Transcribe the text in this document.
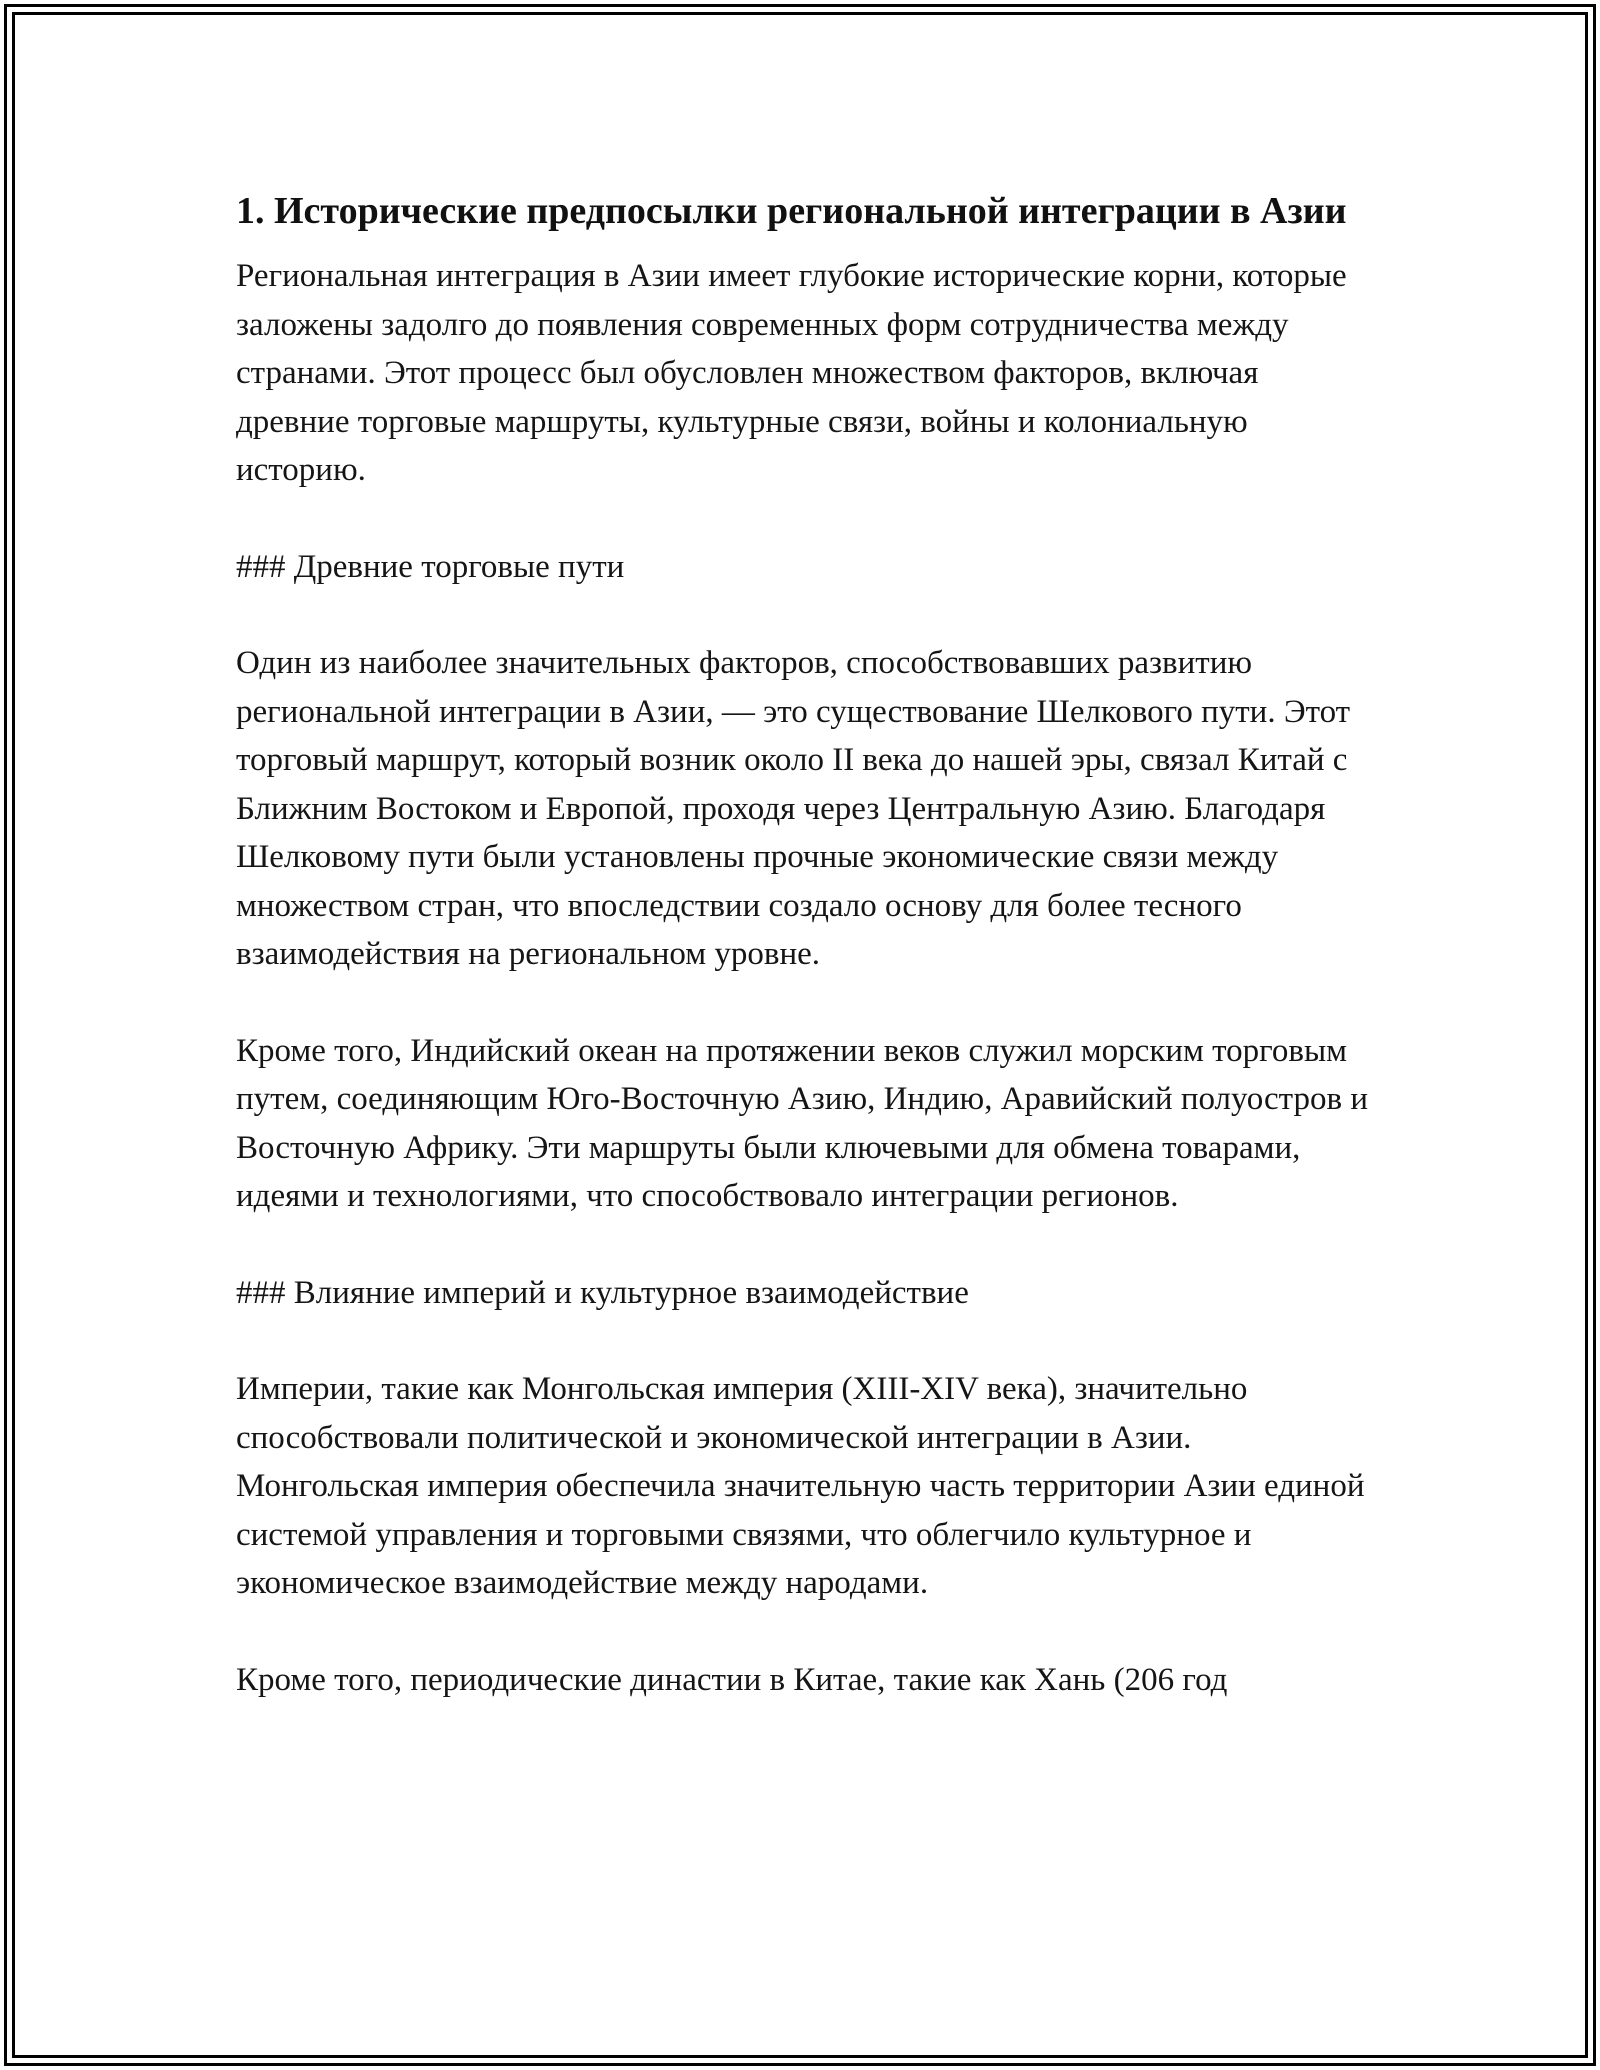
1. Исторические предпосылки региональной интеграции в Азии

Региональная интеграция в Азии имеет глубокие исторические корни, которые заложены задолго до появления современных форм сотрудничества между странами. Этот процесс был обусловлен множеством факторов, включая древние торговые маршруты, культурные связи, войны и колониальную историю.

### Древние торговые пути

Один из наиболее значительных факторов, способствовавших развитию региональной интеграции в Азии, — это существование Шелкового пути. Этот торговый маршрут, который возник около II века до нашей эры, связал Китай с Ближним Востоком и Европой, проходя через Центральную Азию. Благодаря Шелковому пути были установлены прочные экономические связи между множеством стран, что впоследствии создало основу для более тесного взаимодействия на региональном уровне.

Кроме того, Индийский океан на протяжении веков служил морским торговым путем, соединяющим Юго-Восточную Азию, Индию, Аравийский полуостров и Восточную Африку. Эти маршруты были ключевыми для обмена товарами, идеями и технологиями, что способствовало интеграции регионов.

### Влияние империй и культурное взаимодействие

Империи, такие как Монгольская империя (XIII-XIV века), значительно способствовали политической и экономической интеграции в Азии. Монгольская империя обеспечила значительную часть территории Азии единой системой управления и торговыми связями, что облегчило культурное и экономическое взаимодействие между народами.

Кроме того, периодические династии в Китае, такие как Хань (206 год
